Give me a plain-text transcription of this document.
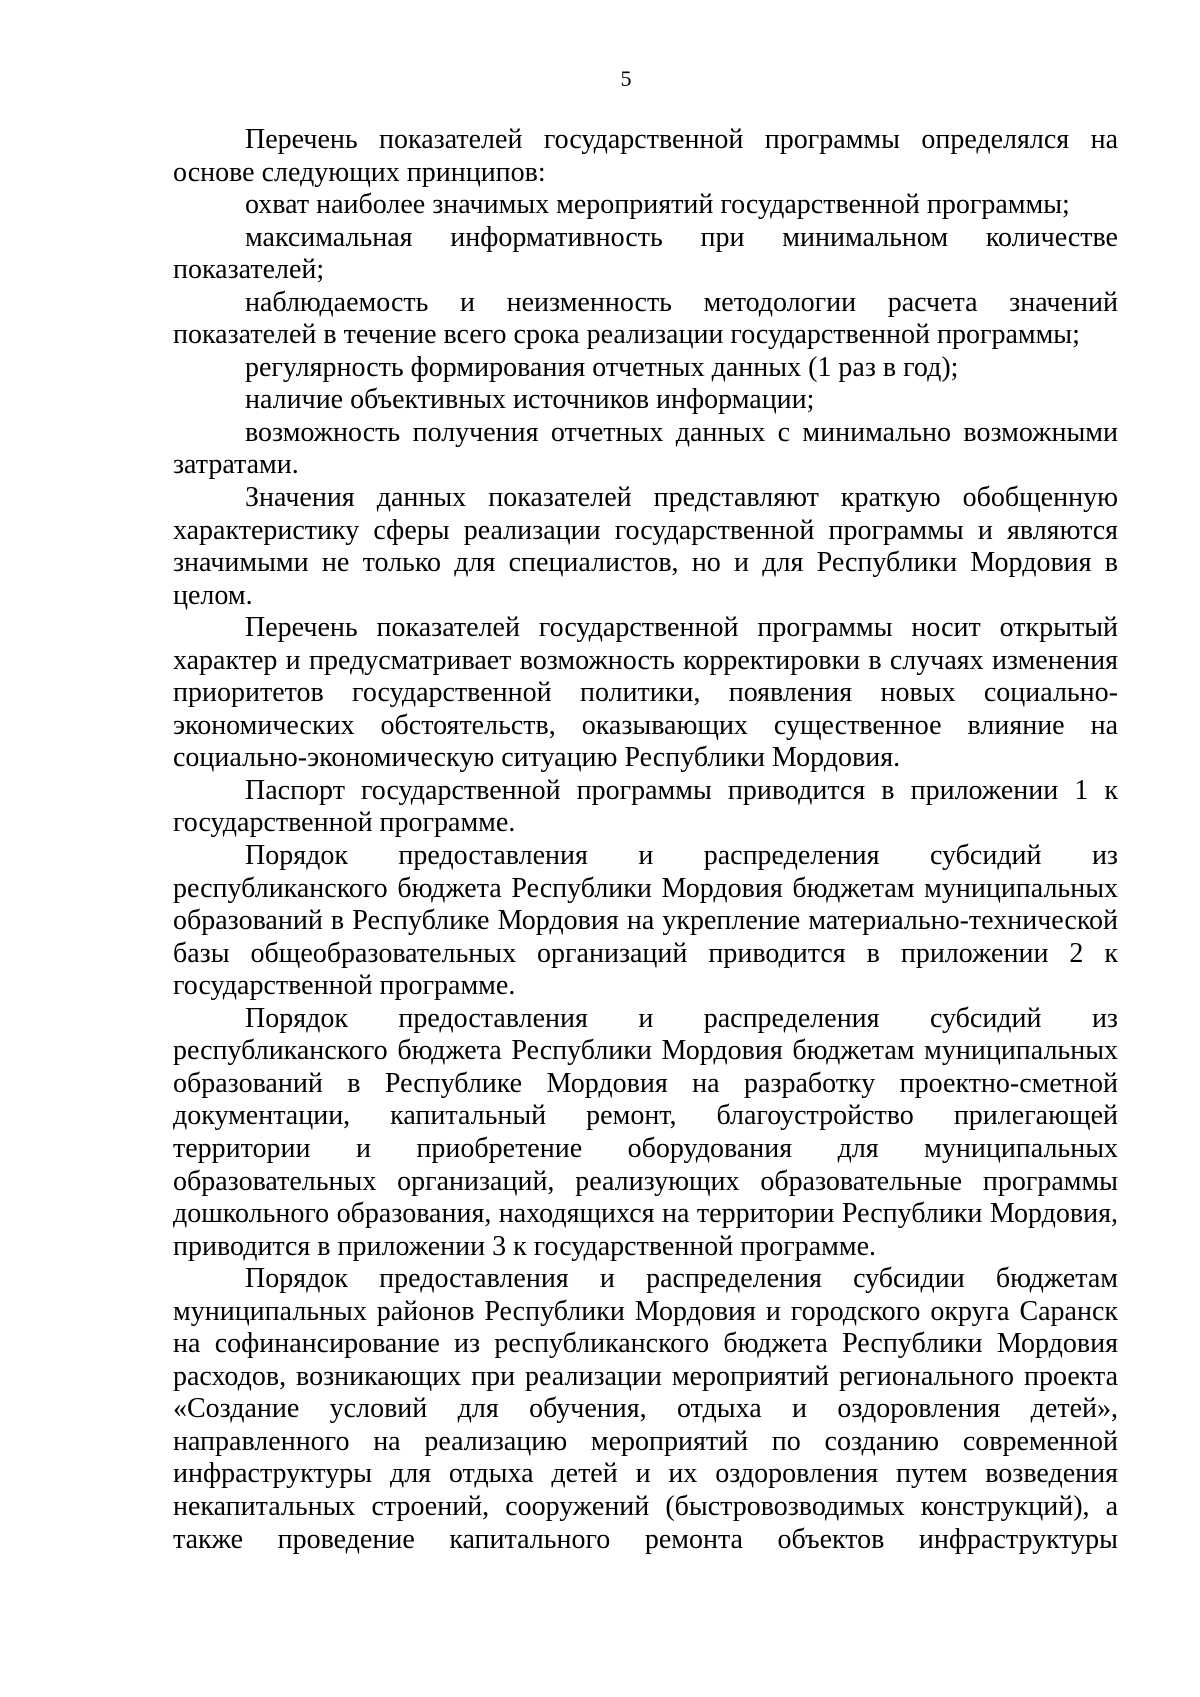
5

Перечень показателей государственной программы определялся на основе следующих принципов:

охват наиболее значимых мероприятий государственной программы;

максимальная информативность при минимальном количестве показателей;

наблюдаемость и неизменность методологии расчета значений показателей в течение всего срока реализации государственной программы;

регулярность формирования отчетных данных (1 раз в год);

наличие объективных источников информации;

возможность получения отчетных данных с минимально возможными затратами.

Значения данных показателей представляют краткую обобщенную характеристику сферы реализации государственной программы и являются значимыми не только для специалистов, но и для Республики Мордовия в целом.

Перечень показателей государственной программы носит открытый характер и предусматривает возможность корректировки в случаях изменения приоритетов государственной политики, появления новых социально-экономических обстоятельств, оказывающих существенное влияние на социально-экономическую ситуацию Республики Мордовия.

Паспорт государственной программы приводится в приложении 1 к государственной программе.

Порядок предоставления и распределения субсидий из республиканского бюджета Республики Мордовия бюджетам муниципальных образований в Республике Мордовия на укрепление материально-технической базы общеобразовательных организаций приводится в приложении 2 к государственной программе.

Порядок предоставления и распределения субсидий из республиканского бюджета Республики Мордовия бюджетам муниципальных образований в Республике Мордовия на разработку проектно-сметной документации, капитальный ремонт, благоустройство прилегающей территории и приобретение оборудования для муниципальных образовательных организаций, реализующих образовательные программы дошкольного образования, находящихся на территории Республики Мордовия, приводится в приложении 3 к государственной программе.

Порядок предоставления и распределения субсидии бюджетам муниципальных районов Республики Мордовия и городского округа Саранск на софинансирование из республиканского бюджета Республики Мордовия расходов, возникающих при реализации мероприятий регионального проекта «Создание условий для обучения, отдыха и оздоровления детей», направленного на реализацию мероприятий по созданию современной инфраструктуры для отдыха детей и их оздоровления путем возведения некапитальных строений, сооружений (быстровозводимых конструкций), а также проведение капитального ремонта объектов инфраструктуры
